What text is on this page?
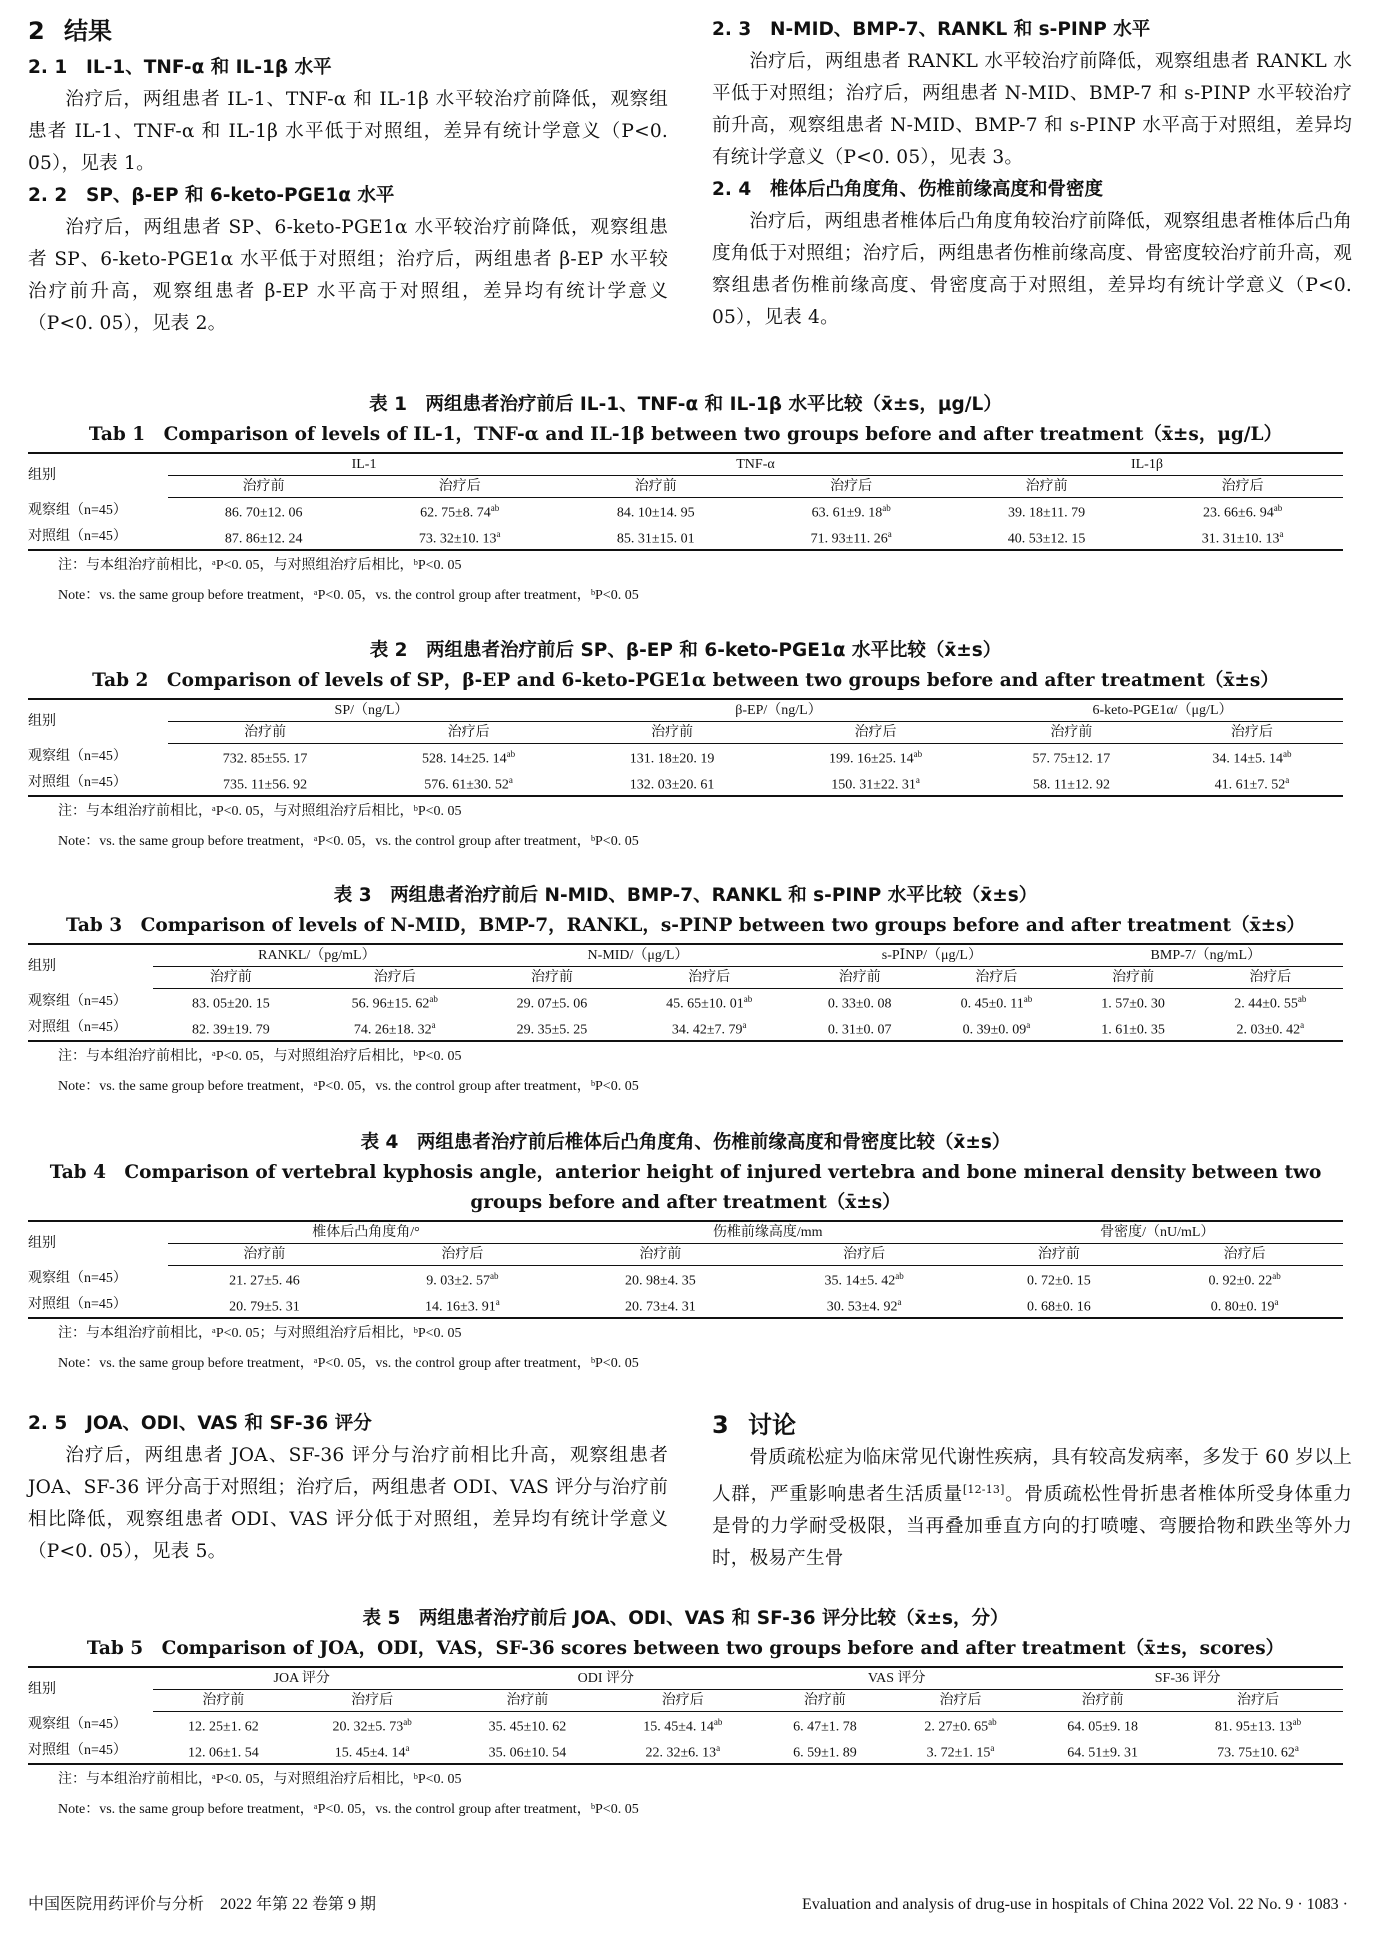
2 结果
2. 1 IL-1、TNF-α 和 IL-1β 水平

治疗后，两组患者 IL-1、TNF-α 和 IL-1β 水平较治疗前降低，观察组患者 IL-1、TNF-α 和 IL-1β 水平低于对照组，差异有统计学意义（P<0. 05），见表 1。

2. 2 SP、β-EP 和 6-keto-PGE1α 水平

治疗后，两组患者 SP、6-keto-PGE1α 水平较治疗前降低，观察组患者 SP、6-keto-PGE1α 水平低于对照组；治疗后，两组患者 β-EP 水平较治疗前升高，观察组患者 β-EP 水平高于对照组，差异均有统计学意义（P<0. 05），见表 2。

2. 3 N-MID、BMP-7、RANKL 和 s-PⅠNP 水平

治疗后，两组患者 RANKL 水平较治疗前降低，观察组患者 RANKL 水平低于对照组；治疗后，两组患者 N-MID、BMP-7 和 s-PⅠNP 水平较治疗前升高，观察组患者 N-MID、BMP-7 和 s-PⅠNP 水平高于对照组，差异均有统计学意义（P<0. 05），见表 3。

2. 4 椎体后凸角度角、伤椎前缘高度和骨密度

治疗后，两组患者椎体后凸角度角较治疗前降低，观察组患者椎体后凸角度角低于对照组；治疗后，两组患者伤椎前缘高度、骨密度较治疗前升高，观察组患者伤椎前缘高度、骨密度高于对照组，差异均有统计学意义（P<0. 05），见表 4。

表 1　两组患者治疗前后 IL-1、TNF-α 和 IL-1β 水平比较（x̄±s，μg/L）
Tab 1　Comparison of levels of IL-1，TNF-α and IL-1β between two groups before and after treatment（x̄±s，μg/L）
组别	IL-1		TNF-α		IL-1β	
	治疗前	治疗后	治疗前	治疗后	治疗前	治疗后
观察组（n=45）	86. 70±12. 06	62. 75±8. $74^{ab}$	84. 10±14. 95	63. 61±9. $18^{ab}$	39. 18±11. 79	23. 66±6. $94^{ab}$
对照组（n=45）	87. 86±12. 24	73. 32±10. 13$^a$	85. 31±15. 01	71. 93±11. 26$^a$	40. 53±12. 15	31. 31±10. 13$^a$
注：与本组治疗前相比，ᵃP<0. 05，与对照组治疗后相比，ᵇP<0. 05
Note：vs. the same group before treatment，ᵃP<0. 05，vs. the control group after treatment，ᵇP<0. 05
表 2　两组患者治疗前后 SP、β-EP 和 6-keto-PGE1α 水平比较（x̄±s）
Tab 2　Comparison of levels of SP，β-EP and 6-keto-PGE1α between two groups before and after treatment（x̄±s）
组别	SP/（ng/L）		β-EP/（ng/L）		6-keto-PGE1α/（μg/L）	
	治疗前	治疗后	治疗前	治疗后	治疗前	治疗后
观察组（n=45）	732. 85±55. 17	528. 14±25. $14^{ab}$	131. 18±20. 19	199. 16±25. $14^{ab}$	57. 75±12. 17	34. 14±5. $14^{ab}$
对照组（n=45）	735. 11±56. 92	576. 61±30. 52$^a$	132. 03±20. 61	150. 31±22. 31$^a$	58. 11±12. 92	41. 61±7. 52$^a$
注：与本组治疗前相比，ᵃP<0. 05，与对照组治疗后相比，ᵇP<0. 05
Note：vs. the same group before treatment，ᵃP<0. 05，vs. the control group after treatment，ᵇP<0. 05
表 3　两组患者治疗前后 N-MID、BMP-7、RANKL 和 s-PⅠNP 水平比较（x̄±s）
Tab 3　Comparison of levels of N-MID，BMP-7，RANKL，s-PⅠNP between two groups before and after treatment（x̄±s）
组别	RANKL/（pg/mL）		N-MID/（μg/L）		s-PⅠNP/（μg/L）		BMP-7/（ng/mL）	
	治疗前	治疗后	治疗前	治疗后	治疗前	治疗后	治疗前	治疗后
观察组（n=45）	83. 05±20. 15	56. 96±15. $62^{ab}$	29. 07±5. 06	45. 65±10. $01^{ab}$	0. 33±0. 08	0. 45±0. $11^{ab}$	1. 57±0. 30	2. 44±0. $55^{ab}$
对照组（n=45）	82. 39±19. 79	74. 26±18. 32$^a$	29. 35±5. 25	34. 42±7. 79$^a$	0. 31±0. 07	0. 39±0. 09$^a$	1. 61±0. 35	2. 03±0. 42$^a$
注：与本组治疗前相比，ᵃP<0. 05，与对照组治疗后相比，ᵇP<0. 05
Note：vs. the same group before treatment，ᵃP<0. 05，vs. the control group after treatment，ᵇP<0. 05
表 4　两组患者治疗前后椎体后凸角度角、伤椎前缘高度和骨密度比较（x̄±s）
Tab 4　Comparison of vertebral kyphosis angle，anterior height of injured vertebra and bone mineral density between two groups before and after treatment（x̄±s）
组别	椎体后凸角度角/°		伤椎前缘高度/mm		骨密度/（nU/mL）	
	治疗前	治疗后	治疗前	治疗后	治疗前	治疗后
观察组（n=45）	21. 27±5. 46	9. 03±2. $57^{ab}$	20. 98±4. 35	35. 14±5. $42^{ab}$	0. 72±0. 15	0. 92±0. $22^{ab}$
对照组（n=45）	20. 79±5. 31	14. 16±3. 91$^a$	20. 73±4. 31	30. 53±4. 92$^a$	0. 68±0. 16	0. 80±0. 19$^a$
注：与本组治疗前相比，ᵃP<0. 05；与对照组治疗后相比，ᵇP<0. 05
Note：vs. the same group before treatment，ᵃP<0. 05，vs. the control group after treatment，ᵇP<0. 05
2. 5 JOA、ODI、VAS 和 SF-36 评分

治疗后，两组患者 JOA、SF-36 评分与治疗前相比升高，观察组患者 JOA、SF-36 评分高于对照组；治疗后，两组患者 ODI、VAS 评分与治疗前相比降低，观察组患者 ODI、VAS 评分低于对照组，差异均有统计学意义（P<0. 05），见表 5。

3 讨论

骨质疏松症为临床常见代谢性疾病，具有较高发病率，多发于 60 岁以上人群，严重影响患者生活质量[12-13]。骨质疏松性骨折患者椎体所受身体重力是骨的力学耐受极限，当再叠加垂直方向的打喷嚏、弯腰拾物和跌坐等外力时，极易产生骨

表 5　两组患者治疗前后 JOA、ODI、VAS 和 SF-36 评分比较（x̄±s，分）
Tab 5　Comparison of JOA，ODI，VAS，SF-36 scores between two groups before and after treatment（x̄±s，scores）
组别	JOA 评分		ODI 评分		VAS 评分		SF-36 评分	
	治疗前	治疗后	治疗前	治疗后	治疗前	治疗后	治疗前	治疗后
观察组（n=45）	12. 25±1. 62	20. 32±5. $73^{ab}$	35. 45±10. 62	15. 45±4. $14^{ab}$	6. 47±1. 78	2. 27±0. $65^{ab}$	64. 05±9. 18	81. 95±13. $13^{ab}$
对照组（n=45）	12. 06±1. 54	15. 45±4. 14$^a$	35. 06±10. 54	22. 32±6. 13$^a$	6. 59±1. 89	3. 72±1. 15$^a$	64. 51±9. 31	73. 75±10. 62$^a$
注：与本组治疗前相比，ᵃP<0. 05，与对照组治疗后相比，ᵇP<0. 05
Note：vs. the same group before treatment，ᵃP<0. 05，vs. the control group after treatment，ᵇP<0. 05
中国医院用药评价与分析　2022 年第 22 卷第 9 期	Evaluation and analysis of drug-use in hospitals of China 2022 Vol. 22 No. 9 · 1083 ·
